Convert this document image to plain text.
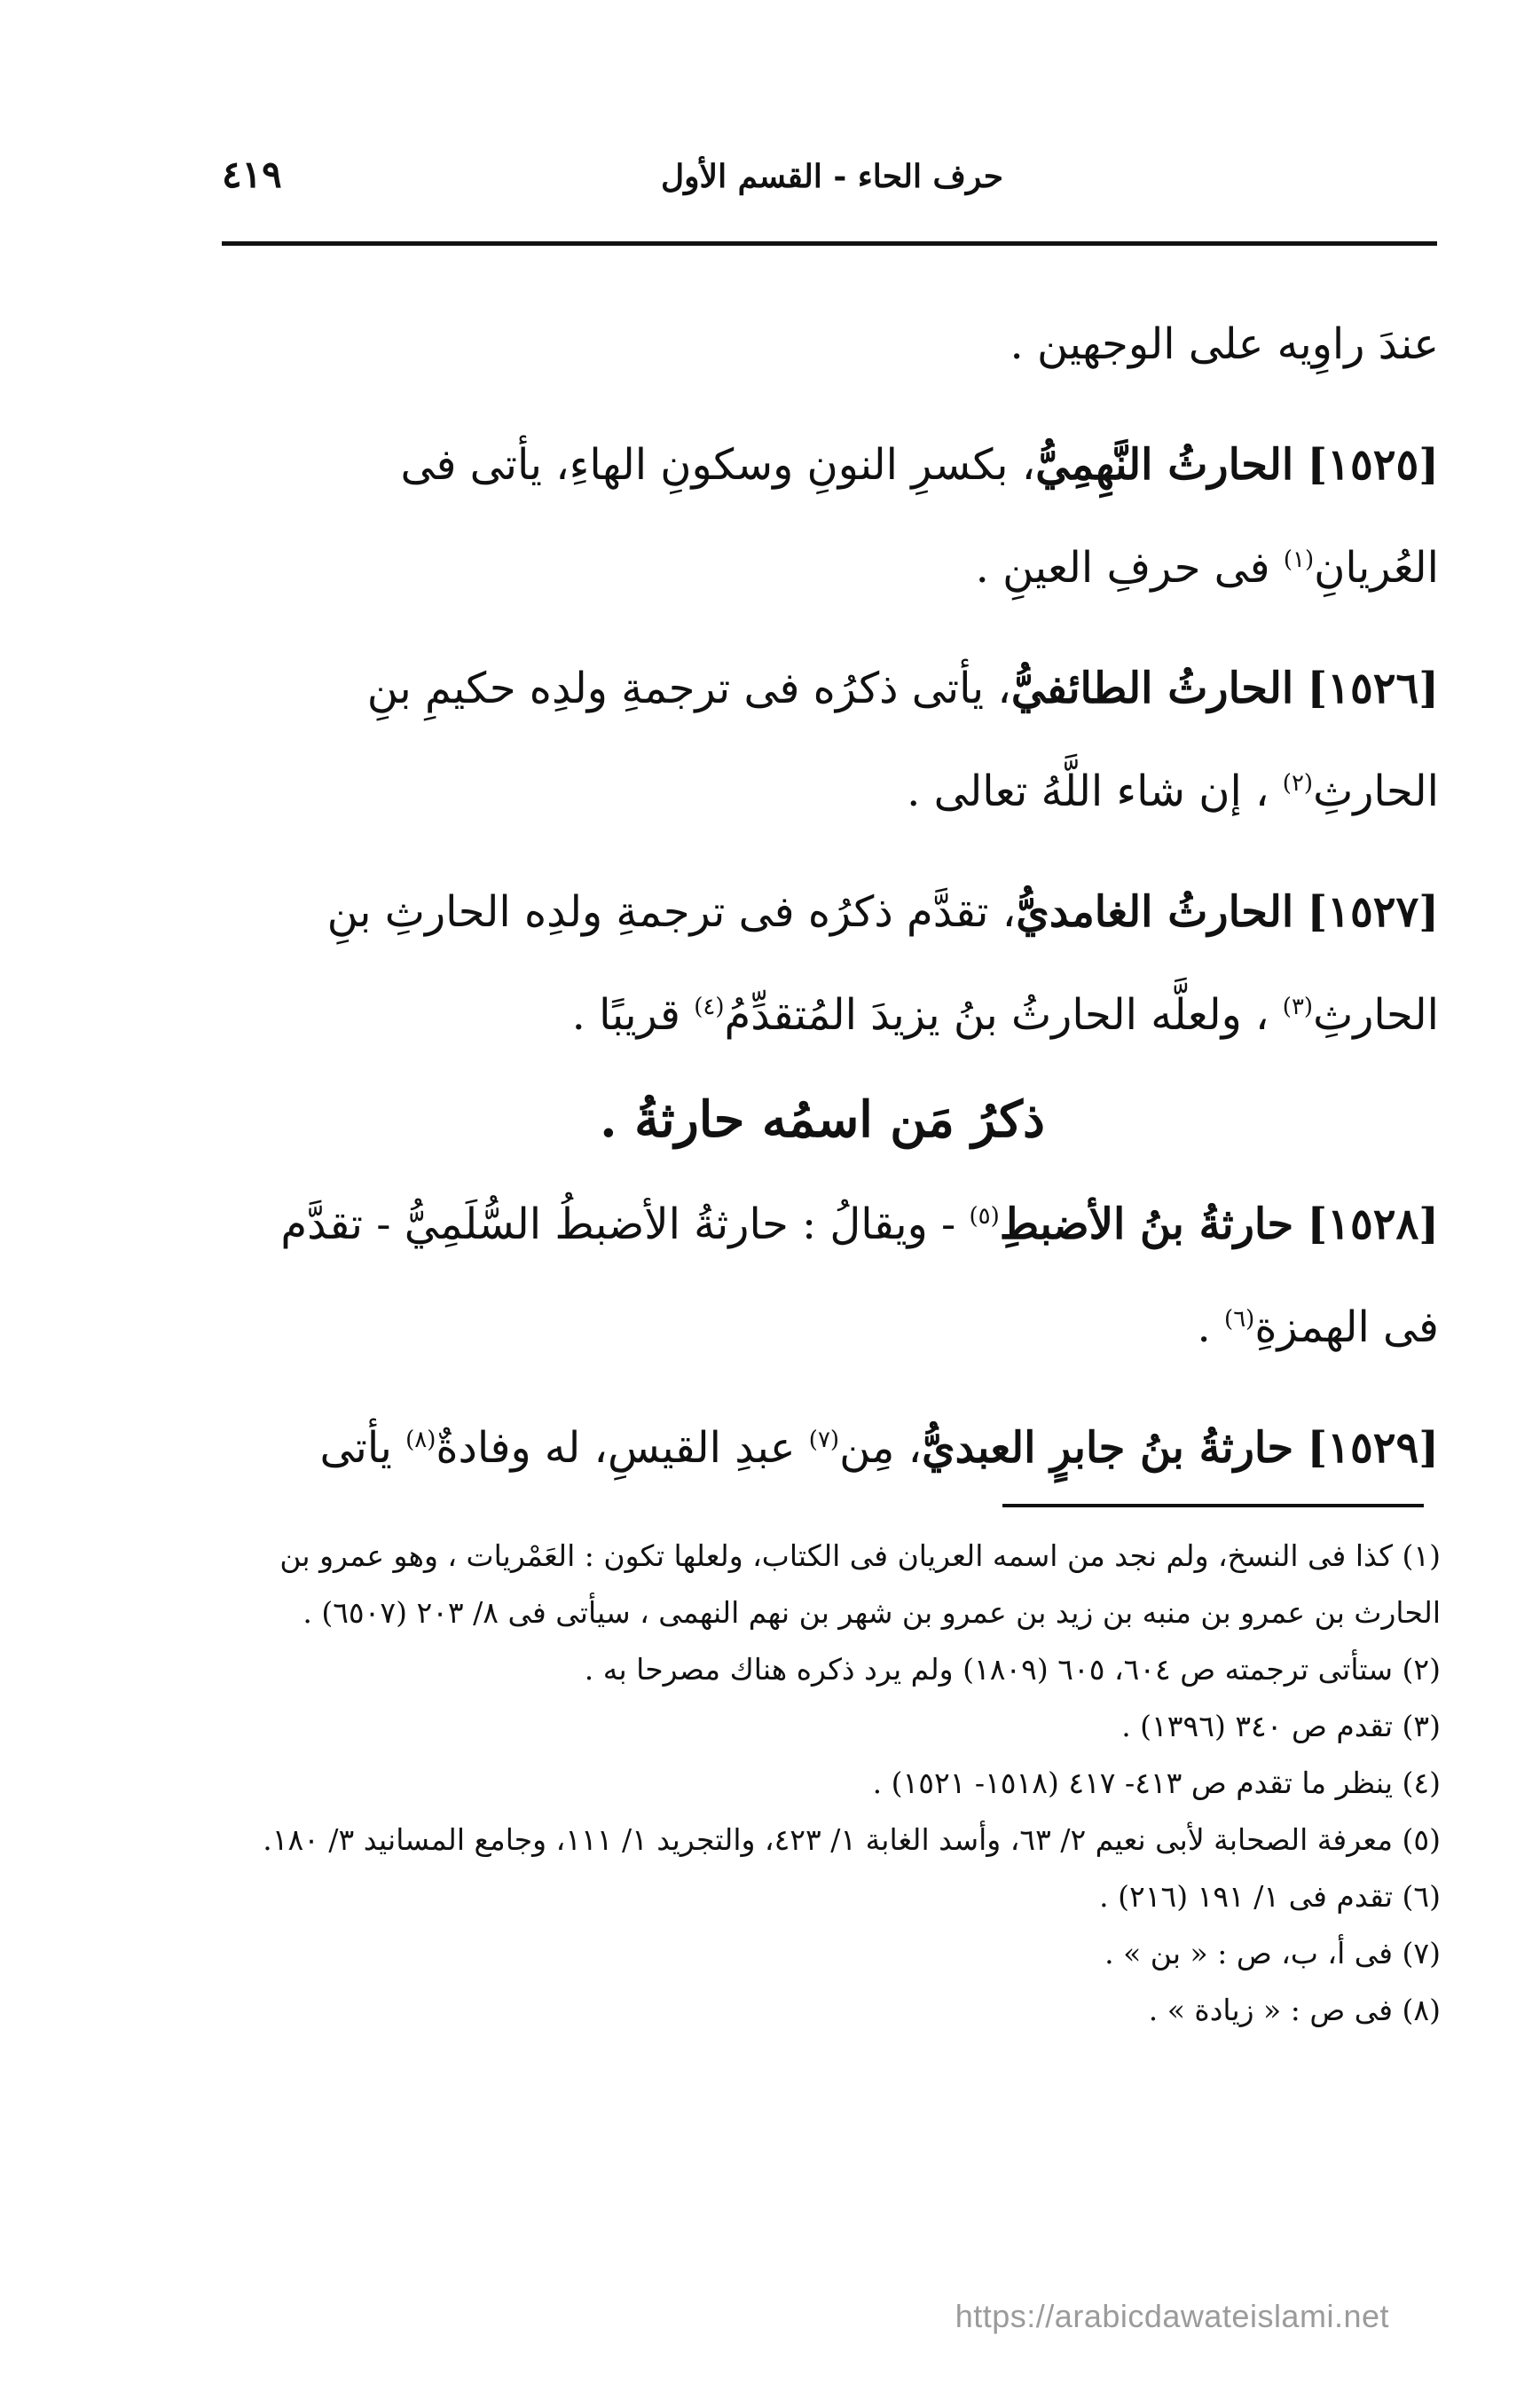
٤١٩	حرف الحاء - القسم الأول
عندَ راوِيه على الوجهين .
[١٥٢٥] الحارثُ النَّهِمِيُّ، بكسرِ النونِ وسكونِ الهاءِ، يأتى فى
العُريانِ$^{(١)}$ فى حرفِ العينِ .
[١٥٢٦] الحارثُ الطائفيُّ، يأتى ذكرُه فى ترجمةِ ولدِه حكيمِ بنِ
الحارثِ$^{(٢)}$ ، إن شاء اللَّهُ تعالى .
[١٥٢٧] الحارثُ الغامديُّ، تقدَّم ذكرُه فى ترجمةِ ولدِه الحارثِ بنِ
الحارثِ$^{(٣)}$ ، ولعلَّه الحارثُ بنُ يزيدَ المُتقدِّمُ$^{(٤)}$ قريبًا .
ذكرُ مَن اسمُه حارثةُ .
[١٥٢٨] حارثةُ بنُ الأضبطِ$^{(٥)}$ - ويقالُ : حارثةُ الأضبطُ السُّلَمِيُّ - تقدَّم
فى الهمزةِ$^{(٦)}$ .
[١٥٢٩] حارثةُ بنُ جابرٍ العبديُّ، مِن$^{(٧)}$ عبدِ القيسِ، له وفادةٌ$^{(٨)}$ يأتى
(١) كذا فى النسخ، ولم نجد من اسمه العريان فى الكتاب، ولعلها تكون : العَمْريات ، وهو عمرو بن
الحارث بن عمرو بن منبه بن زيد بن عمرو بن شهر بن نهم النهمى ، سيأتى فى ٨/ ٢٠٣ (٦٥٠٧) .
(٢) ستأتى ترجمته ص ٦٠٤، ٦٠٥ (١٨٠٩) ولم يرد ذكره هناك مصرحا به .
(٣) تقدم ص ٣٤٠ (١٣٩٦) .
(٤) ينظر ما تقدم ص ٤١٣- ٤١٧ (١٥١٨- ١٥٢١) .
(٥) معرفة الصحابة لأبى نعيم ٢/ ٦٣، وأسد الغابة ١/ ٤٢٣، والتجريد ١/ ١١١، وجامع المسانيد ٣/ ١٨٠.
(٦) تقدم فى ١/ ١٩١ (٢١٦) .
(٧) فى أ، ب، ص : « بن » .
(٨) فى ص : « زيادة » .
https://arabicdawateislami.net
